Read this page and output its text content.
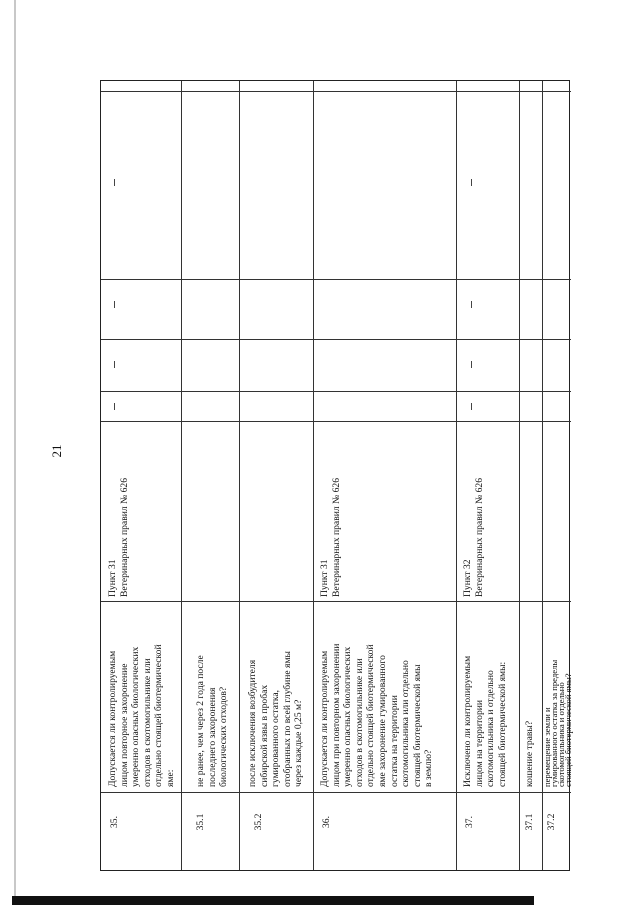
21
35.
Допускается ли контролируемым
лицом повторное захоронение
умеренно опасных биологических
отходов в скотомогильнике или
отдельно стоящей биотермической
яме:
Пункт 31
Ветеринарных правил № 626
35.1
не ранее, чем через 2 года после
последнего захоронения
биологических отходов?
35.2
после исключения возбудителя
сибирской язвы в пробах
гумированного остатка,
отобранных по всей глубине ямы
через каждые 0,25 м?
36.
Допускается ли контролируемым
лицом при повторном захоронении
умеренно опасных биологических
отходов в скотомогильнике или
отдельно стоящей биотермической
яме захоронение гумированного
остатка на территории
скотомогильника или отдельно
стоящей биотермической ямы
в землю?
Пункт 31
Ветеринарных правил № 626
37.
Исключено ли контролируемым
лицом на территории
скотомогильника и отдельно
стоящей биотермической ямы:
Пункт 32
Ветеринарных правил № 626
37.1
кошение травы?
37.2
перемещение земли и
гумированного остатка за пределы
скотомогильника и отдельно
стоящей биотермической ямы?
